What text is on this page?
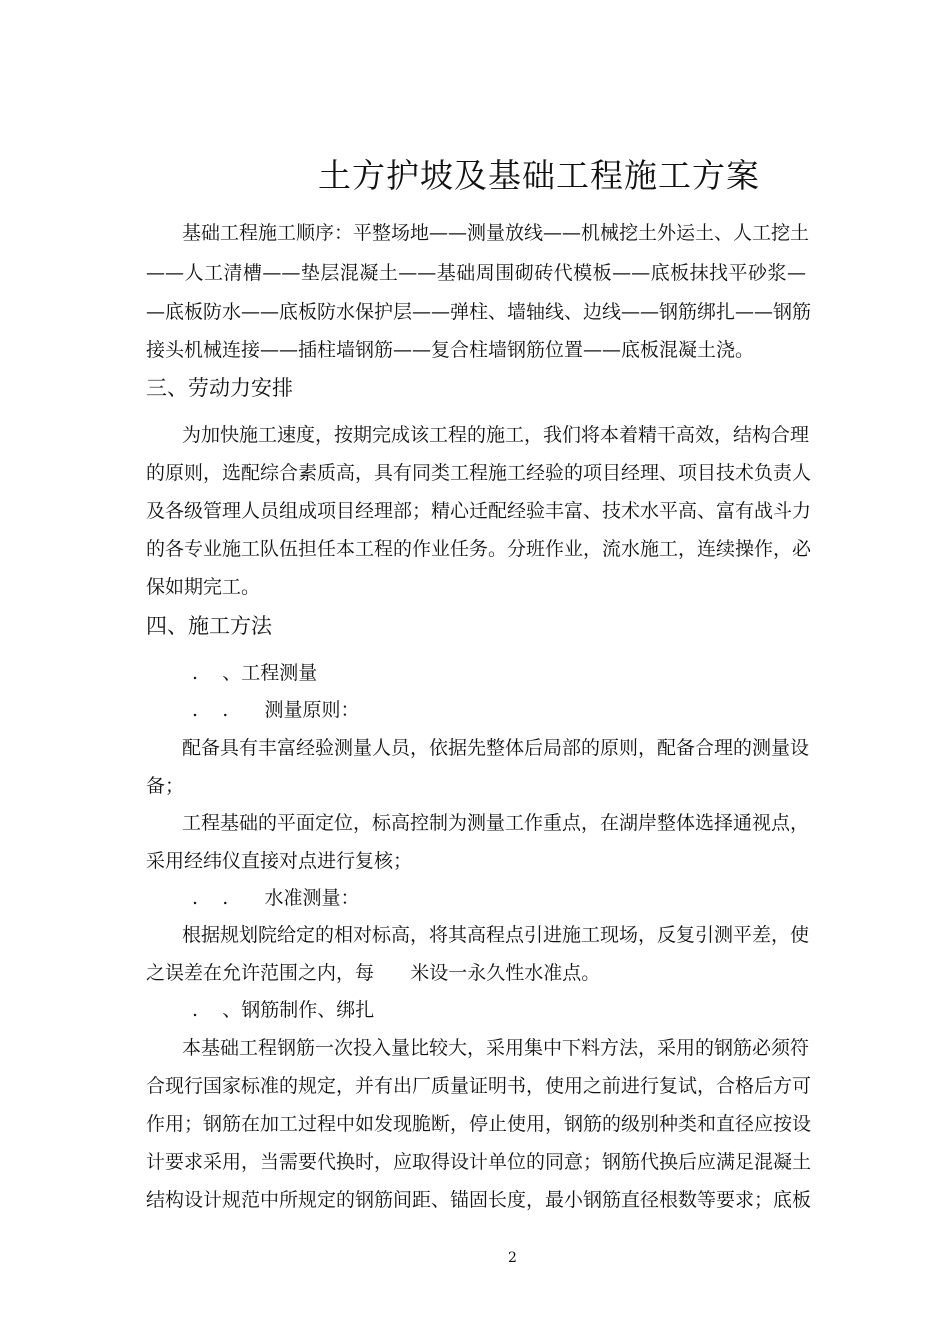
土方护坡及基础工程施工方案
基础工程施工顺序：平整场地——测量放线——机械挖土外运土、人工挖土
——人工清槽——垫层混凝土——基础周围砌砖代模板——底板抹找平砂浆—
—底板防水——底板防水保护层——弹柱、墙轴线、边线——钢筋绑扎——钢筋
接头机械连接——插柱墙钢筋——复合柱墙钢筋位置——底板混凝土浇。
三、劳动力安排
为加快施工速度，按期完成该工程的施工，我们将本着精干高效，结构合理
的原则，选配综合素质高，具有同类工程施工经验的项目经理、项目技术负责人
及各级管理人员组成项目经理部；精心迁配经验丰富、技术水平高、富有战斗力
的各专业施工队伍担任本工程的作业任务。分班作业，流水施工，连续操作，必
保如期完工。
四、施工方法
.    、工程测量
.    .      测量原则：
配备具有丰富经验测量人员，依据先整体后局部的原则，配备合理的测量设
备；
工程基础的平面定位，标高控制为测量工作重点，在湖岸整体选择通视点，
采用经纬仪直接对点进行复核；
.    .      水准测量：
根据规划院给定的相对标高，将其高程点引进施工现场，反复引测平差，使
之误差在允许范围之内，每      米设一永久性水准点。
.    、钢筋制作、绑扎
本基础工程钢筋一次投入量比较大，采用集中下料方法，采用的钢筋必须符
合现行国家标准的规定，并有出厂质量证明书，使用之前进行复试，合格后方可
作用；钢筋在加工过程中如发现脆断，停止使用，钢筋的级别种类和直径应按设
计要求采用，当需要代换时，应取得设计单位的同意；钢筋代换后应满足混凝土
结构设计规范中所规定的钢筋间距、锚固长度，最小钢筋直径根数等要求；底板
2
